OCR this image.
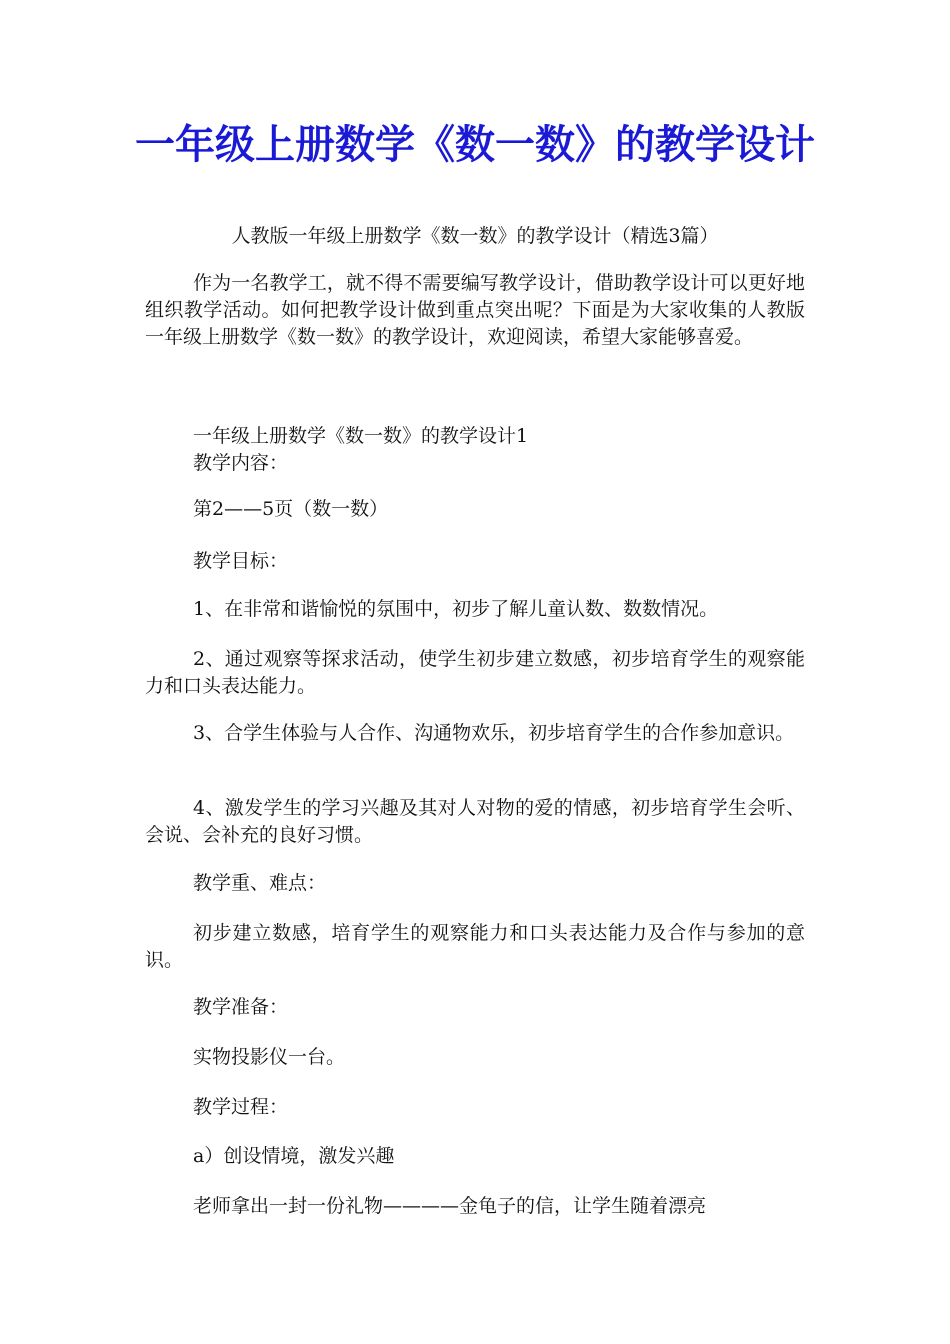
一年级上册数学《数一数》的教学设计

人教版一年级上册数学《数一数》的教学设计（精选3篇）

作为一名教学工，就不得不需要编写教学设计，借助教学设计可以更好地组织教学活动。如何把教学设计做到重点突出呢？下面是为大家收集的人教版一年级上册数学《数一数》的教学设计，欢迎阅读，希望大家能够喜爱。

一年级上册数学《数一数》的教学设计1

教学内容：

第2——5页（数一数）

教学目标：

1、在非常和谐愉悦的氛围中，初步了解儿童认数、数数情况。

2、通过观察等探求活动，使学生初步建立数感，初步培育学生的观察能力和口头表达能力。

3、合学生体验与人合作、沟通物欢乐，初步培育学生的合作参加意识。

4、激发学生的学习兴趣及其对人对物的爱的情感，初步培育学生会听、会说、会补充的良好习惯。

教学重、难点：

初步建立数感，培育学生的观察能力和口头表达能力及合作与参加的意识。

教学准备：

实物投影仪一台。

教学过程：

a）创设情境，激发兴趣

老师拿出一封一份礼物————金龟子的信，让学生随着漂亮
